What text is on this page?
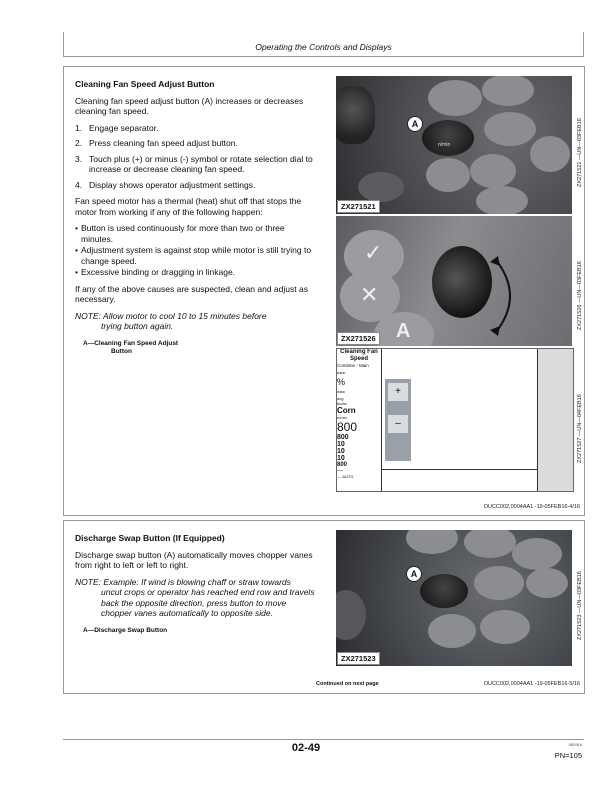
Operating the Controls and Displays
Cleaning Fan Speed Adjust Button
Cleaning fan speed adjust button (A) increases or decreases cleaning fan speed.
1. Engage separator.
2. Press cleaning fan speed adjust button.
3. Touch plus (+) or minus (-) symbol or rotate selection dial to increase or decrease cleaning fan speed.
4. Display shows operator adjustment settings.
Fan speed motor has a thermal (heat) shut off that stops the motor from working if any of the following happen:
• Button is used continuously for more than two or three minutes.
• Adjustment system is against stop while motor is still trying to change speed.
• Excessive binding or dragging in linkage.
If any of the above causes are suspected, clean and adjust as necessary.
NOTE: Allow motor to cool 10 to 15 minutes before
trying button again.
A—Cleaning Fan Speed Adjust
Button
n/min
A
ZX271521
ZX271521 —UN—03FEB16
✓
✕
A
ZX271526
ZX271526 —UN—03FEB16
Cleaning Fan Speed
Combine - Main
---
%
---
avg
bu/ac
Corn
+
–
n/min
800
800
10
10
10
800
---
←-AUTO
ZX271527 —UN—04FEB16
OUCC002,0004AA1 -19-05FEB16-4/16
Discharge Swap Button (If Equipped)
Discharge swap button (A) automatically moves chopper vanes from right to left or left to right.
NOTE: Example: If wind is blowing chaff or straw towards
uncut crops or operator has reached end row and travels back the opposite direction, press button to move chopper vanes automatically to opposite side.
A—Discharge Swap Button
A
ZX271523
ZX271523 —UN—03FEB16
Continued on next page	OUCC002,0004AA1 -19-05FEB16-5/16
02-49	082916
PN=105
